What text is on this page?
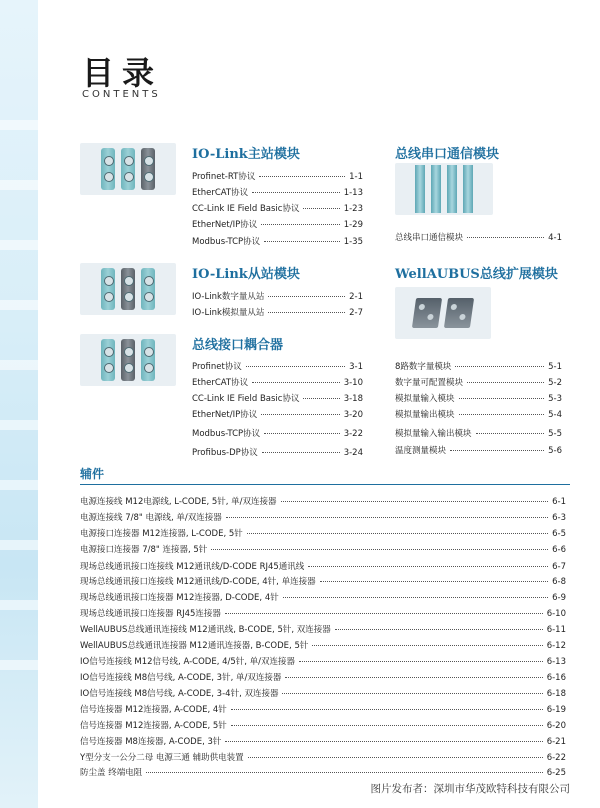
目录
CONTENTS
IO-Link主站模块
Profinet-RT协议	1-1
EtherCAT协议	1-13
CC-Link IE Field Basic协议	1-23
EtherNet/IP协议	1-29
Modbus-TCP协议	1-35
IO-Link从站模块
IO-Link数字量从站	2-1
IO-Link模拟量从站	2-7
总线接口耦合器
Profinet协议	3-1
EtherCAT协议	3-10
CC-Link IE Field Basic协议	3-18
EtherNet/IP协议	3-20
Modbus-TCP协议	3-22
Profibus-DP协议	3-24
总线串口通信模块
总线串口通信模块	4-1
WellAUBUS总线扩展模块
8路数字量模块	5-1
数字量可配置模块	5-2
模拟量输入模块	5-3
模拟量输出模块	5-4
模拟量输入输出模块	5-5
温度测量模块	5-6
辅件
电源连接线 M12电源线, L-CODE, 5针, 单/双连接器	6-1
电源连接线 7/8" 电源线, 单/双连接器	6-3
电源接口连接器 M12连接器, L-CODE, 5针	6-5
电源接口连接器 7/8" 连接器, 5针	6-6
现场总线通讯接口连接线 M12通讯线/D-CODE RJ45通讯线	6-7
现场总线通讯接口连接线 M12通讯线/D-CODE, 4针, 单连接器	6-8
现场总线通讯接口连接器 M12连接器, D-CODE, 4针	6-9
现场总线通讯接口连接器 RJ45连接器	6-10
WellAUBUS总线通讯连接线 M12通讯线, B-CODE, 5针, 双连接器	6-11
WellAUBUS总线通讯连接器 M12通讯连接器, B-CODE, 5针	6-12
IO信号连接线 M12信号线, A-CODE, 4/5针, 单/双连接器	6-13
IO信号连接线 M8信号线, A-CODE, 3针, 单/双连接器	6-16
IO信号连接线 M8信号线, A-CODE, 3-4针, 双连接器	6-18
信号连接器 M12连接器, A-CODE, 4针	6-19
信号连接器 M12连接器, A-CODE, 5针	6-20
信号连接器 M8连接器, A-CODE, 3针	6-21
Y型分支一公分二母 电源三通 辅助供电装置	6-22
防尘盖 终端电阻	6-25
图片发布者：深圳市华茂欧特科技有限公司
